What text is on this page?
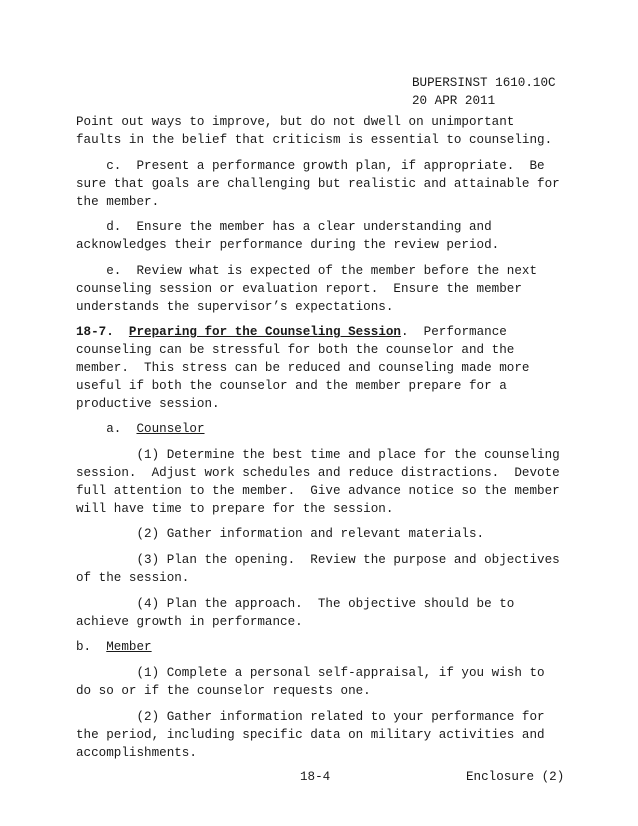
BUPERSINST 1610.10C
20 APR 2011
Point out ways to improve, but do not dwell on unimportant
faults in the belief that criticism is essential to counseling.
c.  Present a performance growth plan, if appropriate.  Be
sure that goals are challenging but realistic and attainable for
the member.
d.  Ensure the member has a clear understanding and
acknowledges their performance during the review period.
e.  Review what is expected of the member before the next
counseling session or evaluation report.  Ensure the member
understands the supervisor’s expectations.
18-7. Preparing for the Counseling Session.  Performance
counseling can be stressful for both the counselor and the
member.  This stress can be reduced and counseling made more
useful if both the counselor and the member prepare for a
productive session.
a. Counselor
(1) Determine the best time and place for the counseling
session.  Adjust work schedules and reduce distractions.  Devote
full attention to the member.  Give advance notice so the member
will have time to prepare for the session.
(2) Gather information and relevant materials.
(3) Plan the opening.  Review the purpose and objectives
of the session.
(4) Plan the approach.  The objective should be to
achieve growth in performance.
b. Member
(1) Complete a personal self-appraisal, if you wish to
do so or if the counselor requests one.
(2) Gather information related to your performance for
the period, including specific data on military activities and
accomplishments.
18-4	Enclosure (2)
